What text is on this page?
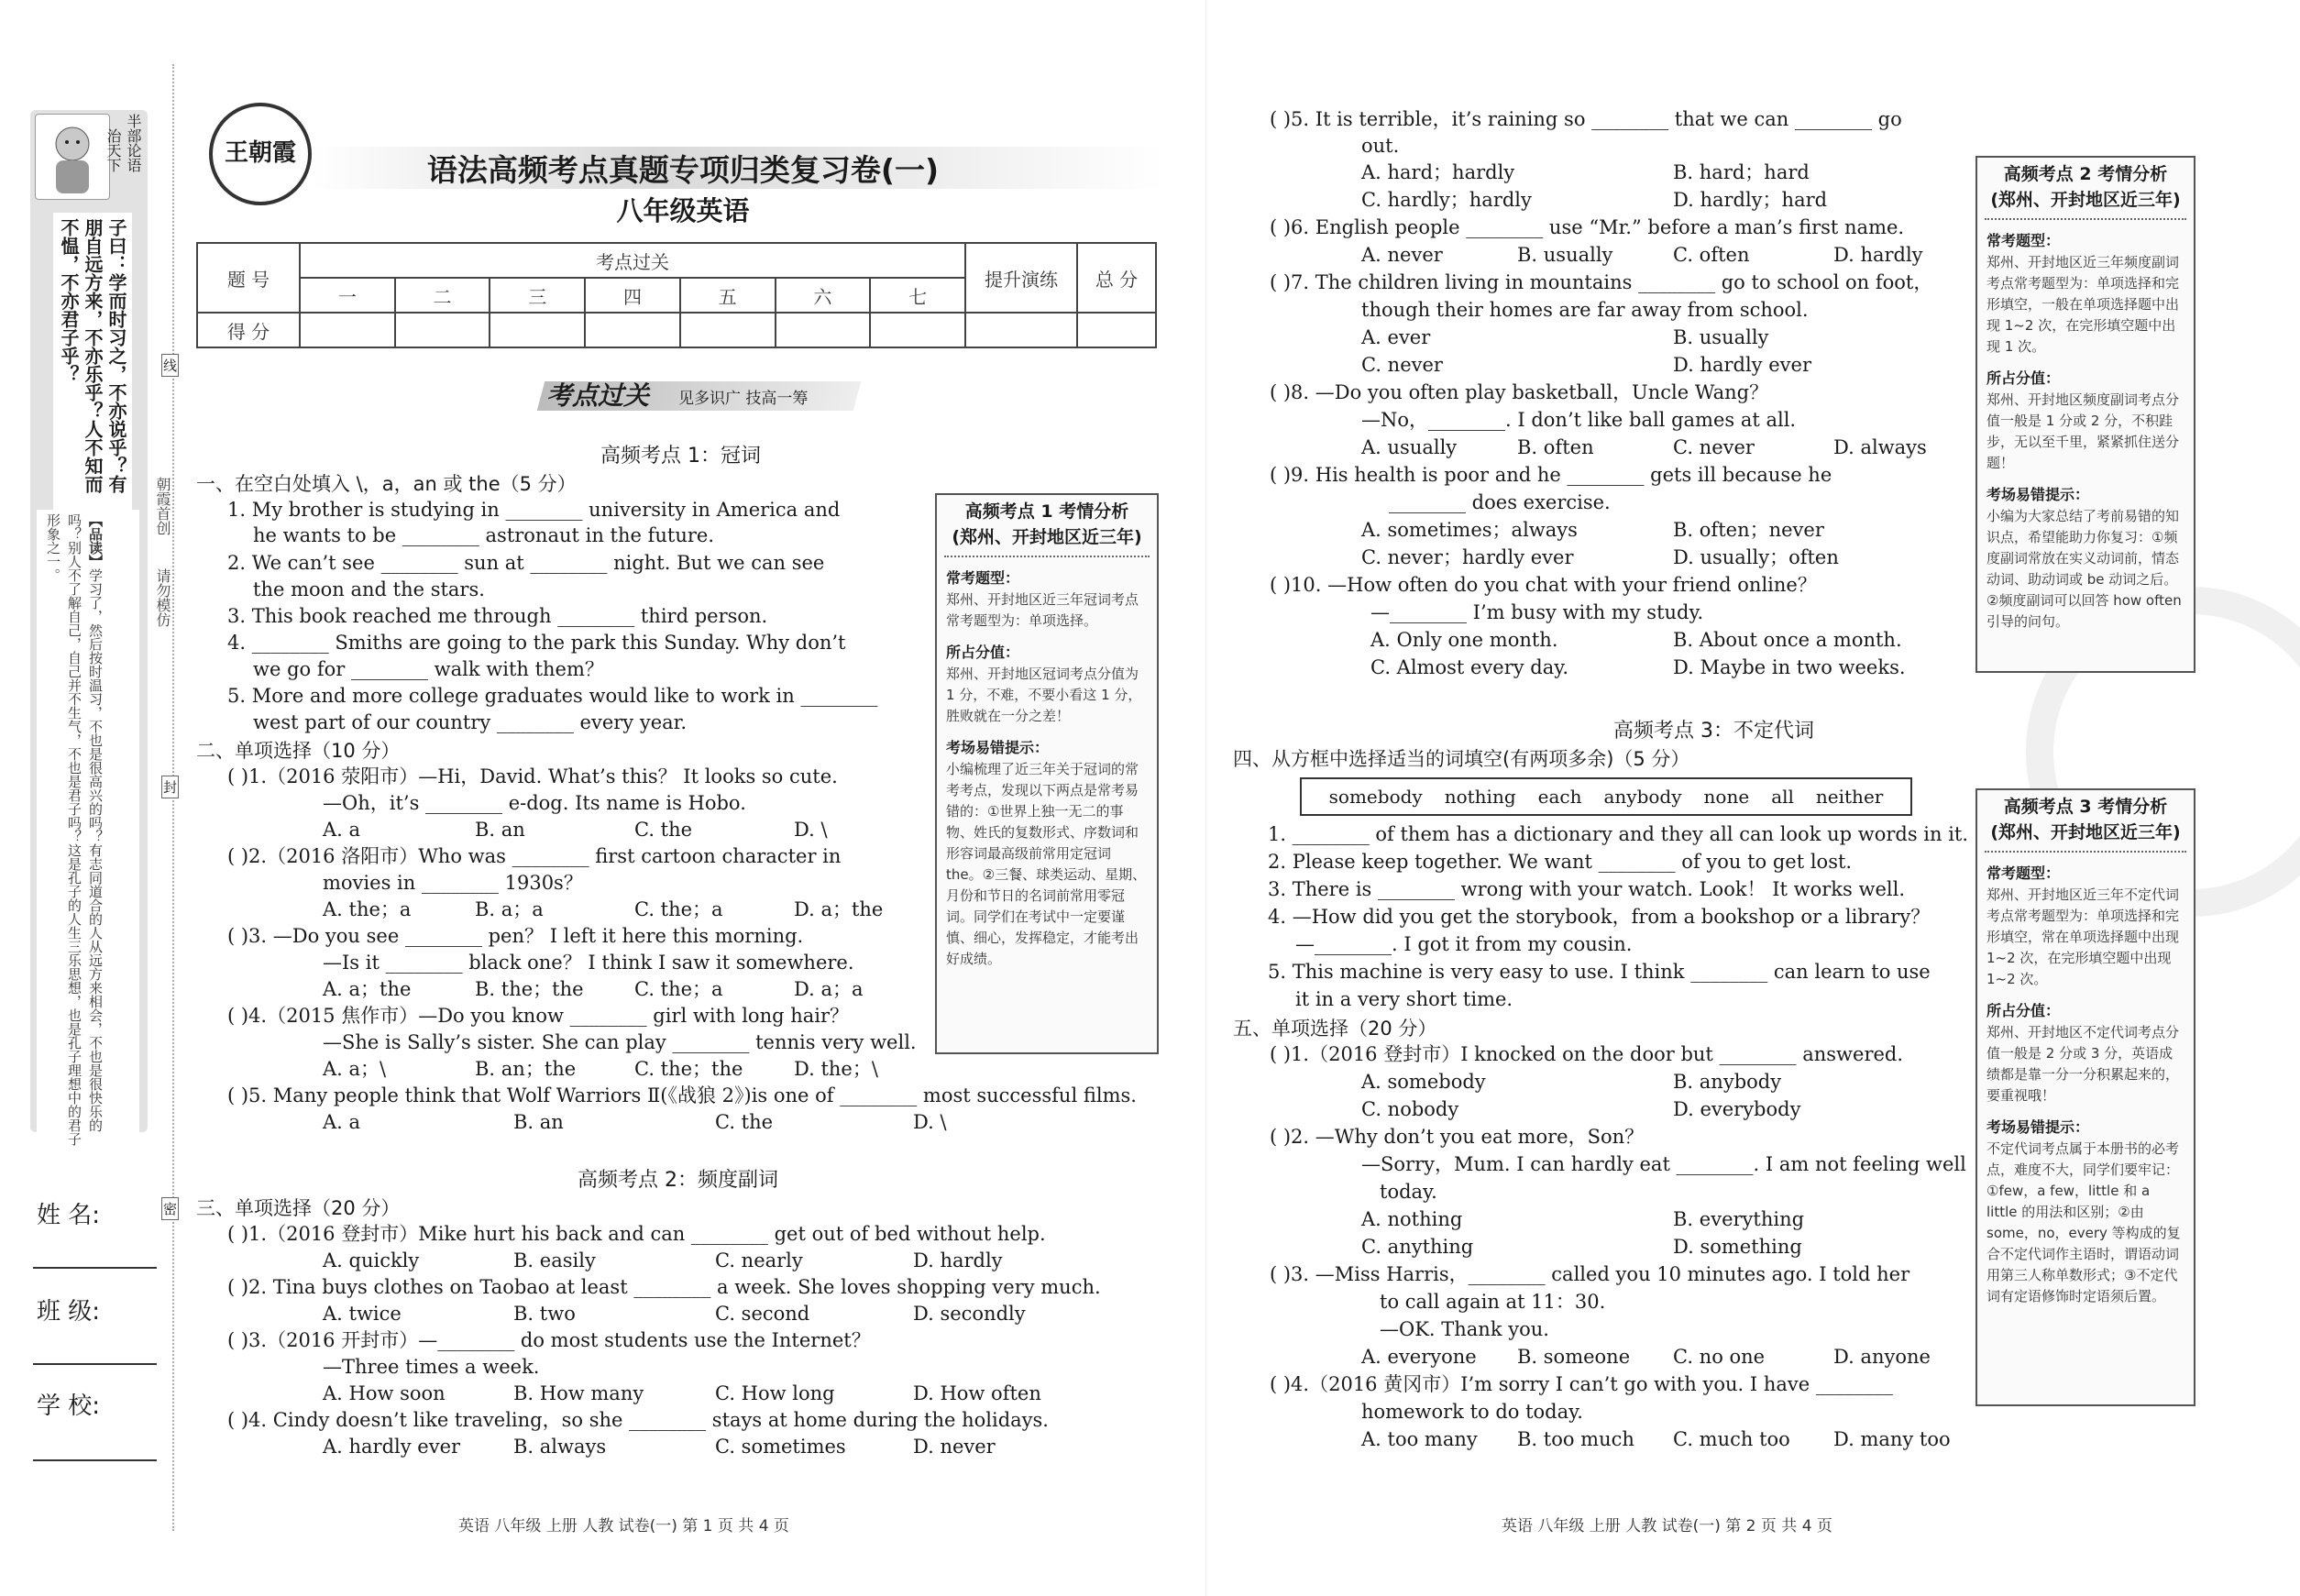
半部论语
治天下
子曰：学而时习之，不亦说乎？有朋自远方来，不亦乐乎？人不知而不愠，不亦君子乎？
【品读】学习了，然后按时温习，不也是很高兴的吗？有志同道合的人从远方来相会，不也是很快乐的吗？别人不了解自己，自己并不生气，不也是君子吗？这是孔子的人生三乐思想，也是孔子理想中的君子形象之一。
姓 名:
班 级:
学 校:
朝霞首创
请勿模仿
线
封
密
王朝霞	语法高频考点真题专项归类复习卷(一)
八年级英语
题 号	考点过关							提升演练	总 分
	一	二	三	四	五	六	七		
得 分									
考点过关 见多识广 技高一筹
高频考点 1：冠词
一、在空白处填入 \，a，an 或 the（5 分）
1. My brother is studying in ________ university in America and
he wants to be ________ astronaut in the future.
2. We can’t see ________ sun at ________ night. But we can see
the moon and the stars.
3. This book reached me through ________ third person.
4. ________ Smiths are going to the park this Sunday. Why don’t
we go for ________ walk with them？
5. More and more college graduates would like to work in ________
west part of our country ________ every year.
二、单项选择（10 分）
( )1.（2016 荥阳市）—Hi，David. What’s this？ It looks so cute.
—Oh，it’s ________ e-dog. Its name is Hobo.
A. a	B. an	C. the	D. \
( )2.（2016 洛阳市）Who was ________ first cartoon character in
movies in ________ 1930s？
A. the；a	B. a；a	C. the；a	D. a；the
( )3. —Do you see ________ pen？ I left it here this morning.
—Is it ________ black one？ I think I saw it somewhere.
A. a；the	B. the；the	C. the；a	D. a；a
( )4.（2015 焦作市）—Do you know ________ girl with long hair？
—She is Sally’s sister. She can play ________ tennis very well.
A. a；\	B. an；the	C. the；the	D. the；\
( )5. Many people think that Wolf Warriors Ⅱ(《战狼 2》)is one of ________ most successful films.
A. a	B. an	C. the	D. \
高频考点 2：频度副词
三、单项选择（20 分）
( )1.（2016 登封市）Mike hurt his back and can ________ get out of bed without help.
A. quickly	B. easily	C. nearly	D. hardly
( )2. Tina buys clothes on Taobao at least ________ a week. She loves shopping very much.
A. twice	B. two	C. second	D. secondly
( )3.（2016 开封市）—________ do most students use the Internet？
—Three times a week.
A. How soon	B. How many	C. How long	D. How often
( )4. Cindy doesn’t like traveling，so she ________ stays at home during the holidays.
A. hardly ever	B. always	C. sometimes	D. never
高频考点 1 考情分析
(郑州、开封地区近三年)
常考题型：
郑州、开封地区近三年冠词考点常考题型为：单项选择。
所占分值：
郑州、开封地区冠词考点分值为 1 分，不难，不要小看这 1 分，胜败就在一分之差！
考场易错提示：
小编梳理了近三年关于冠词的常考考点，发现以下两点是常考易错的：①世界上独一无二的事物、姓氏的复数形式、序数词和形容词最高级前常用定冠词 the。②三餐、球类运动、星期、月份和节日的名词前常用零冠词。同学们在考试中一定要谨慎、细心，发挥稳定，才能考出好成绩。
英语 八年级 上册 人教 试卷(一) 第 1 页 共 4 页
( )5. It is terrible，it’s raining so ________ that we can ________ go
out.
A. hard；hardly	B. hard；hard
C. hardly；hardly	D. hardly；hard
( )6. English people ________ use “Mr.” before a man’s first name.
A. never	B. usually	C. often	D. hardly
( )7. The children living in mountains ________ go to school on foot，
though their homes are far away from school.
A. ever	B. usually
C. never	D. hardly ever
( )8. —Do you often play basketball，Uncle Wang？
—No，________. I don’t like ball games at all.
A. usually	B. often	C. never	D. always
( )9. His health is poor and he ________ gets ill because he
________ does exercise.
A. sometimes；always	B. often；never
C. never；hardly ever	D. usually；often
( )10. —How often do you chat with your friend online？
—________ I’m busy with my study.
A. Only one month.	B. About once a month.
C. Almost every day.	D. Maybe in two weeks.
高频考点 3：不定代词
四、从方框中选择适当的词填空(有两项多余)（5 分）
somebody nothing each anybody none all neither
1. ________ of them has a dictionary and they all can look up words in it.
2. Please keep together. We want ________ of you to get lost.
3. There is ________ wrong with your watch. Look！ It works well.
4. —How did you get the storybook，from a bookshop or a library？
—________. I got it from my cousin.
5. This machine is very easy to use. I think ________ can learn to use
it in a very short time.
五、单项选择（20 分）
( )1.（2016 登封市）I knocked on the door but ________ answered.
A. somebody	B. anybody
C. nobody	D. everybody
( )2. —Why don’t you eat more，Son？
—Sorry，Mum. I can hardly eat ________. I am not feeling well
today.
A. nothing	B. everything
C. anything	D. something
( )3. —Miss Harris，________ called you 10 minutes ago. I told her
to call again at 11：30.
—OK. Thank you.
A. everyone B. someone C. no one	D. anyone
( )4.（2016 黄冈市）I’m sorry I can’t go with you. I have ________
homework to do today.
A. too many B. too much C. much too D. many too
高频考点 2 考情分析
(郑州、开封地区近三年)
常考题型：
郑州、开封地区近三年频度副词考点常考题型为：单项选择和完形填空，一般在单项选择题中出现 1~2 次，在完形填空题中出现 1 次。
所占分值：
郑州、开封地区频度副词考点分值一般是 1 分或 2 分，不积跬步，无以至千里，紧紧抓住送分题！
考场易错提示：
小编为大家总结了考前易错的知识点，希望能助力你复习：①频度副词常放在实义动词前，情态动词、助动词或 be 动词之后。②频度副词可以回答 how often 引导的问句。
高频考点 3 考情分析
(郑州、开封地区近三年)
常考题型：
郑州、开封地区近三年不定代词考点常考题型为：单项选择和完形填空，常在单项选择题中出现 1~2 次，在完形填空题中出现 1~2 次。
所占分值：
郑州、开封地区不定代词考点分值一般是 2 分或 3 分，英语成绩都是靠一分一分积累起来的，要重视哦！
考场易错提示：
不定代词考点属于本册书的必考点，难度不大，同学们要牢记：①few，a few，little 和 a little 的用法和区别；②由 some，no，every 等构成的复合不定代词作主语时，谓语动词用第三人称单数形式；③不定代词有定语修饰时定语须后置。
英语 八年级 上册 人教 试卷(一) 第 2 页 共 4 页
